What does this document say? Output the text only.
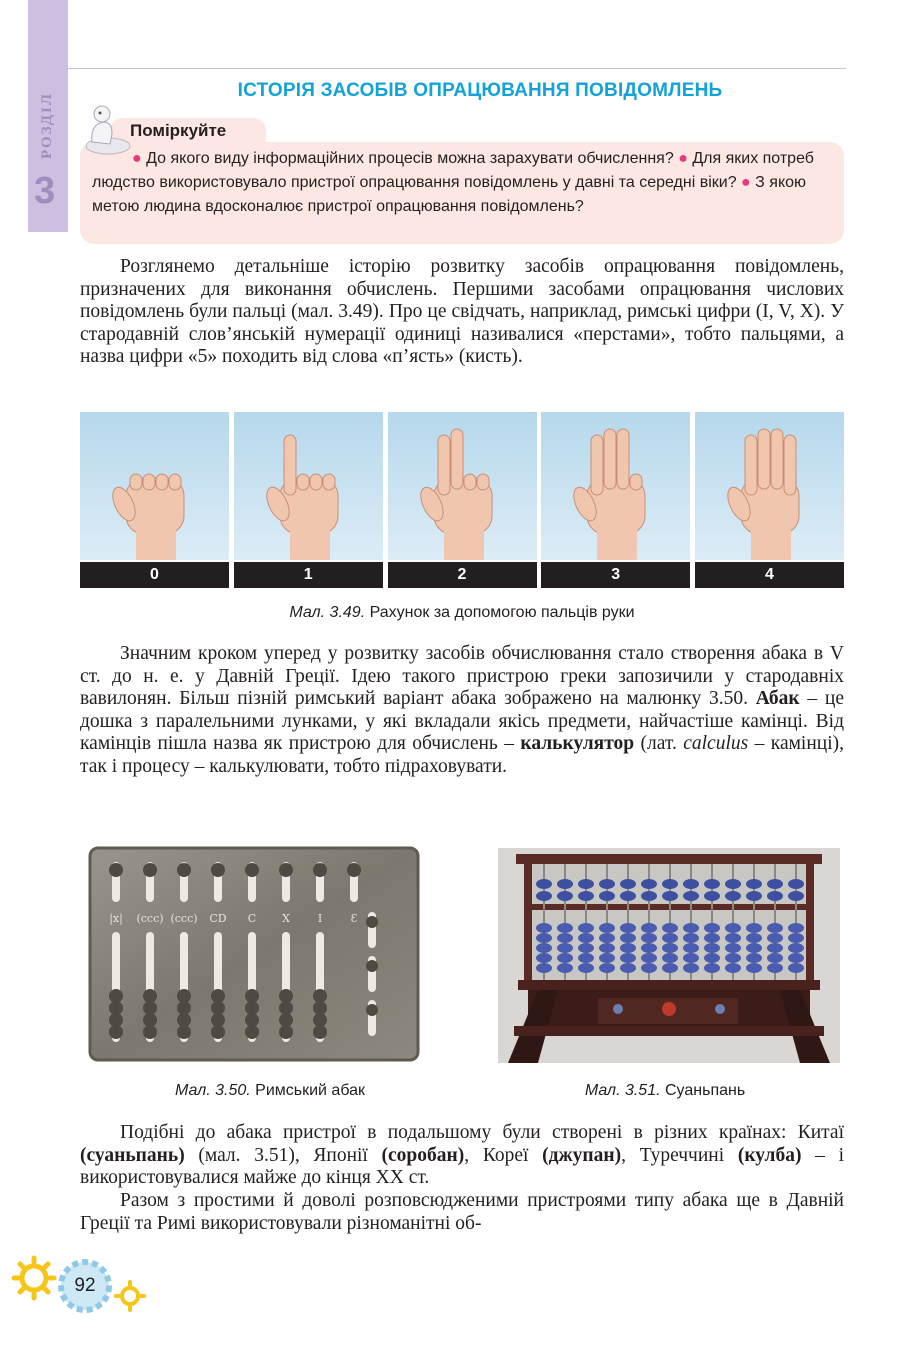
РОЗДІЛ
3
ІСТОРІЯ ЗАСОБІВ ОПРАЦЮВАННЯ ПОВІДОМЛЕНЬ
Поміркуйте
● До якого виду інформаційних процесів можна зарахувати обчислення? ● Для яких потреб людство використовувало пристрої опрацювання повідомлень у давні та середні віки? ● З якою метою людина вдосконалює пристрої опрацювання повідомлень?
Розглянемо детальніше історію розвитку засобів опрацювання повідомлень, призначених для виконання обчислень. Першими засобами опрацювання числових повідомлень були пальці (мал. 3.49). Про це свідчать, наприклад, римські цифри (I, V, X). У стародавній слов’янській нумерації одиниці називалися «перстами», тобто пальцями, а назва цифри «5» походить від слова «п’ясть» (кисть).
0	1	2	3	4
Мал. 3.49. Рахунок за допомогою пальців руки
Значним кроком уперед у розвитку засобів обчислювання стало створення абака в V ст. до н. е. у Давній Греції. Ідею такого пристрою греки запозичили у стародавніх вавилонян. Більш пізній римський варіант абака зображено на малюнку 3.50. Абак – це дошка з паралельними лунками, у які вкладали якісь предмети, найчастіше камінці. Від камінців пішла назва як пристрою для обчислень – калькулятор (лат. calculus – камінці), так і процесу – калькулювати, тобто підраховувати.
|x| (ccc) (ccc) CD C X	I	Ɛ
Мал. 3.50. Римський абак	Мал. 3.51. Суаньпань
Подібні до абака пристрої в подальшому були створені в різних країнах: Китаї (суаньпань) (мал. 3.51), Японії (соробан), Кореї (джупан), Туреччині (кулба) – і використовувалися майже до кінця XX ст.
Разом з простими й доволі розповсюдженими пристроями типу абака ще в Давній Греції та Римі використовували різноманітні об-
92
